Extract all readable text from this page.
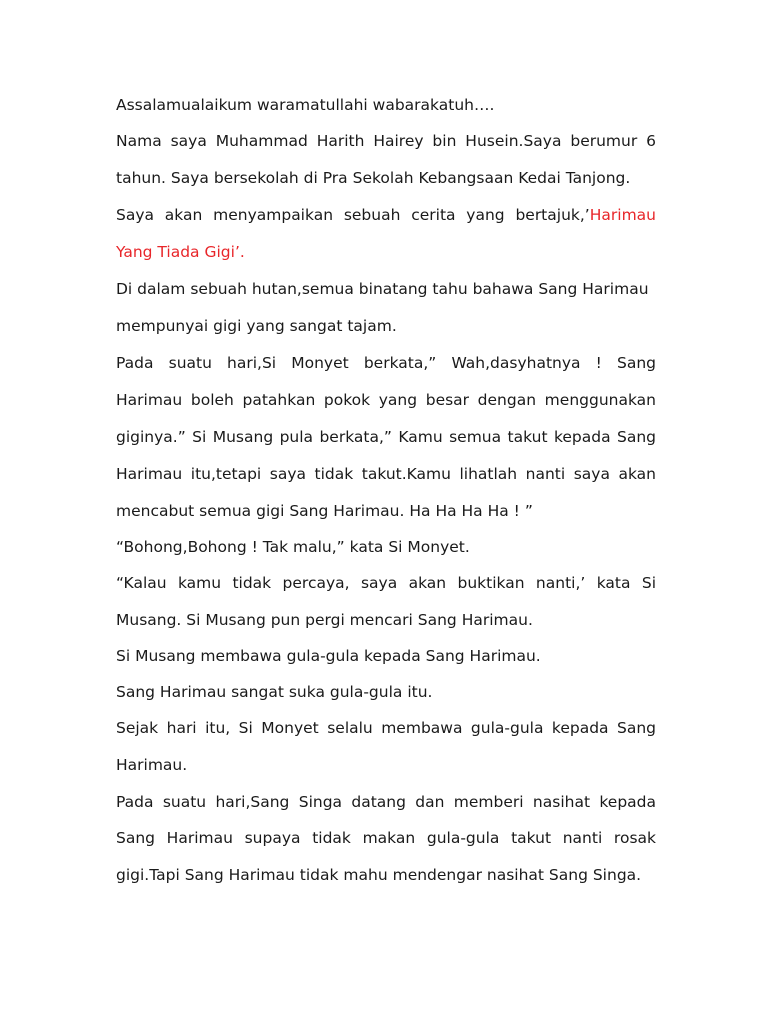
Assalamualaikum waramatullahi wabarakatuh….

Nama saya Muhammad Harith Hairey bin Husein.Saya berumur 6

tahun. Saya bersekolah di Pra Sekolah Kebangsaan Kedai Tanjong.

Saya akan menyampaikan sebuah cerita yang bertajuk,’Harimau

Yang Tiada Gigi’.

Di dalam sebuah hutan,semua binatang tahu bahawa Sang Harimau

mempunyai gigi yang sangat tajam.

Pada suatu hari,Si Monyet berkata,” Wah,dasyhatnya ! Sang

Harimau boleh patahkan pokok yang besar dengan menggunakan

giginya.” Si Musang pula berkata,” Kamu semua takut kepada Sang

Harimau itu,tetapi saya tidak takut.Kamu lihatlah nanti saya akan

mencabut semua gigi Sang Harimau. Ha Ha Ha Ha ! ”

“Bohong,Bohong ! Tak malu,” kata Si Monyet.

“Kalau kamu tidak percaya, saya akan buktikan nanti,’ kata Si

Musang. Si Musang pun pergi mencari Sang Harimau.

Si Musang membawa gula-gula kepada Sang Harimau.

Sang Harimau sangat suka gula-gula itu.

Sejak hari itu, Si Monyet selalu membawa gula-gula kepada Sang

Harimau.

Pada suatu hari,Sang Singa datang dan memberi nasihat kepada

Sang Harimau supaya tidak makan gula-gula takut nanti rosak

gigi.Tapi Sang Harimau tidak mahu mendengar nasihat Sang Singa.
